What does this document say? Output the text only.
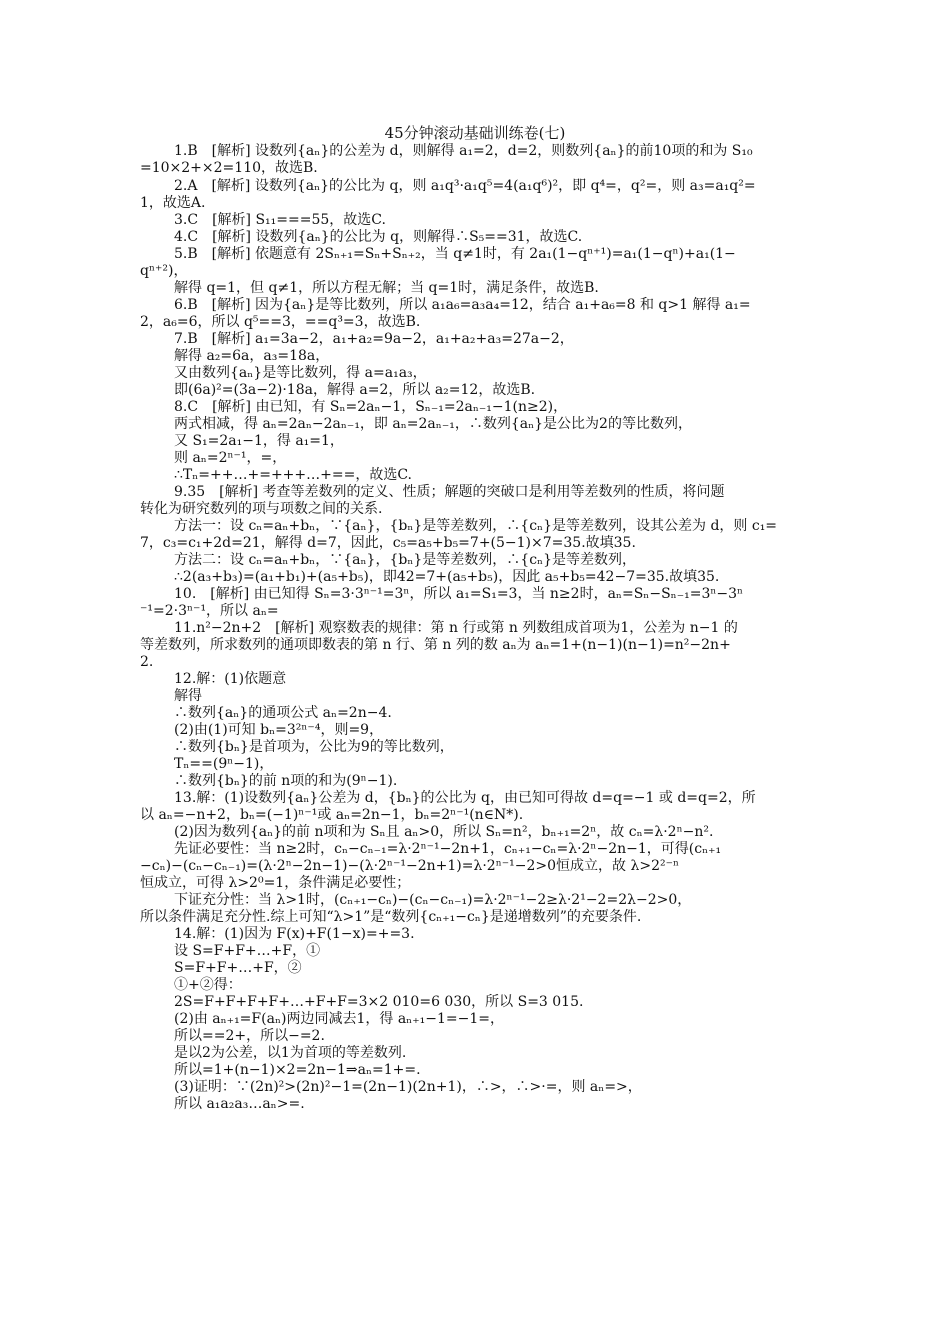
45分钟滚动基础训练卷(七)
1.B　[解析] 设数列{aₙ}的公差为 d，则解得 a₁=2，d=2，则数列{aₙ}的前10项的和为 S₁₀
=10×2+×2=110，故选B.
2.A　[解析] 设数列{aₙ}的公比为 q，则 a₁q³·a₁q⁵=4(a₁q⁶)²，即 q⁴=，q²=，则 a₃=a₁q²=
1，故选A.
3.C　[解析] S₁₁===55，故选C.
4.C　[解析] 设数列{aₙ}的公比为 q，则解得∴S₅==31，故选C.
5.B　[解析] 依题意有 2Sₙ₊₁=Sₙ+Sₙ₊₂，当 q≠1时，有 2a₁(1−qⁿ⁺¹)=a₁(1−qⁿ)+a₁(1−
qⁿ⁺²)，
解得 q=1，但 q≠1，所以方程无解；当 q=1时，满足条件，故选B.
6.B　[解析] 因为{aₙ}是等比数列，所以 a₁a₆=a₃a₄=12，结合 a₁+a₆=8 和 q>1 解得 a₁=
2，a₆=6，所以 q⁵==3，==q³=3，故选B.
7.B　[解析] a₁=3a−2，a₁+a₂=9a−2，a₁+a₂+a₃=27a−2，
解得 a₂=6a，a₃=18a，
又由数列{aₙ}是等比数列，得 a=a₁a₃，
即(6a)²=(3a−2)·18a，解得 a=2，所以 a₂=12，故选B.
8.C　[解析] 由已知，有 Sₙ=2aₙ−1，Sₙ₋₁=2aₙ₋₁−1(n≥2)，
两式相减，得 aₙ=2aₙ−2aₙ₋₁，即 aₙ=2aₙ₋₁，∴数列{aₙ}是公比为2的等比数列，
又 S₁=2a₁−1，得 a₁=1，
则 aₙ=2ⁿ⁻¹，=，
∴Tₙ=++…+=+++…+==，故选C.
9.35　[解析] 考查等差数列的定义、性质；解题的突破口是利用等差数列的性质，将问题
转化为研究数列的项与项数之间的关系.
方法一：设 cₙ=aₙ+bₙ，∵{aₙ}，{bₙ}是等差数列，∴{cₙ}是等差数列，设其公差为 d，则 c₁=
7，c₃=c₁+2d=21，解得 d=7，因此，c₅=a₅+b₅=7+(5−1)×7=35.故填35.
方法二：设 cₙ=aₙ+bₙ，∵{aₙ}，{bₙ}是等差数列，∴{cₙ}是等差数列，
∴2(a₃+b₃)=(a₁+b₁)+(a₅+b₅)，即42=7+(a₅+b₅)，因此 a₅+b₅=42−7=35.故填35.
10.　[解析] 由已知得 Sₙ=3·3ⁿ⁻¹=3ⁿ，所以 a₁=S₁=3，当 n≥2时，aₙ=Sₙ−Sₙ₋₁=3ⁿ−3ⁿ
⁻¹=2·3ⁿ⁻¹，所以 aₙ=
11.n²−2n+2　[解析] 观察数表的规律：第 n 行或第 n 列数组成首项为1，公差为 n−1 的
等差数列，所求数列的通项即数表的第 n 行、第 n 列的数 aₙ为 aₙ=1+(n−1)(n−1)=n²−2n+
2.
12.解：(1)依题意
解得
∴数列{aₙ}的通项公式 aₙ=2n−4.
(2)由(1)可知 bₙ=3²ⁿ⁻⁴，则=9，
∴数列{bₙ}是首项为，公比为9的等比数列，
Tₙ==(9ⁿ−1)，
∴数列{bₙ}的前 n项的和为(9ⁿ−1).
13.解：(1)设数列{aₙ}公差为 d，{bₙ}的公比为 q，由已知可得故 d=q=−1 或 d=q=2，所
以 aₙ=−n+2，bₙ=(−1)ⁿ⁻¹或 aₙ=2n−1，bₙ=2ⁿ⁻¹(n∈N*).
(2)因为数列{aₙ}的前 n项和为 Sₙ且 aₙ>0，所以 Sₙ=n²，bₙ₊₁=2ⁿ，故 cₙ=λ·2ⁿ−n².
先证必要性：当 n≥2时，cₙ−cₙ₋₁=λ·2ⁿ⁻¹−2n+1，cₙ₊₁−cₙ=λ·2ⁿ−2n−1，可得(cₙ₊₁
−cₙ)−(cₙ−cₙ₋₁)=(λ·2ⁿ−2n−1)−(λ·2ⁿ⁻¹−2n+1)=λ·2ⁿ⁻¹−2>0恒成立，故 λ>2²⁻ⁿ
恒成立，可得 λ>2⁰=1，条件满足必要性；
下证充分性：当 λ>1时，(cₙ₊₁−cₙ)−(cₙ−cₙ₋₁)=λ·2ⁿ⁻¹−2≥λ·2¹−2=2λ−2>0，
所以条件满足充分性.综上可知“λ>1”是“数列{cₙ₊₁−cₙ}是递增数列”的充要条件.
14.解：(1)因为 F(x)+F(1−x)=+=3.
设 S=F+F+…+F，①
S=F+F+…+F，②
①+②得：
2S=F+F+F+F+…+F+F=3×2 010=6 030，所以 S=3 015.
(2)由 aₙ₊₁=F(aₙ)两边同减去1，得 aₙ₊₁−1=−1=，
所以==2+，所以−=2.
是以2为公差，以1为首项的等差数列.
所以=1+(n−1)×2=2n−1⇒aₙ=1+=.
(3)证明：∵(2n)²>(2n)²−1=(2n−1)(2n+1)，∴>，∴>·=，则 aₙ=>，
所以 a₁a₂a₃…aₙ>=.
